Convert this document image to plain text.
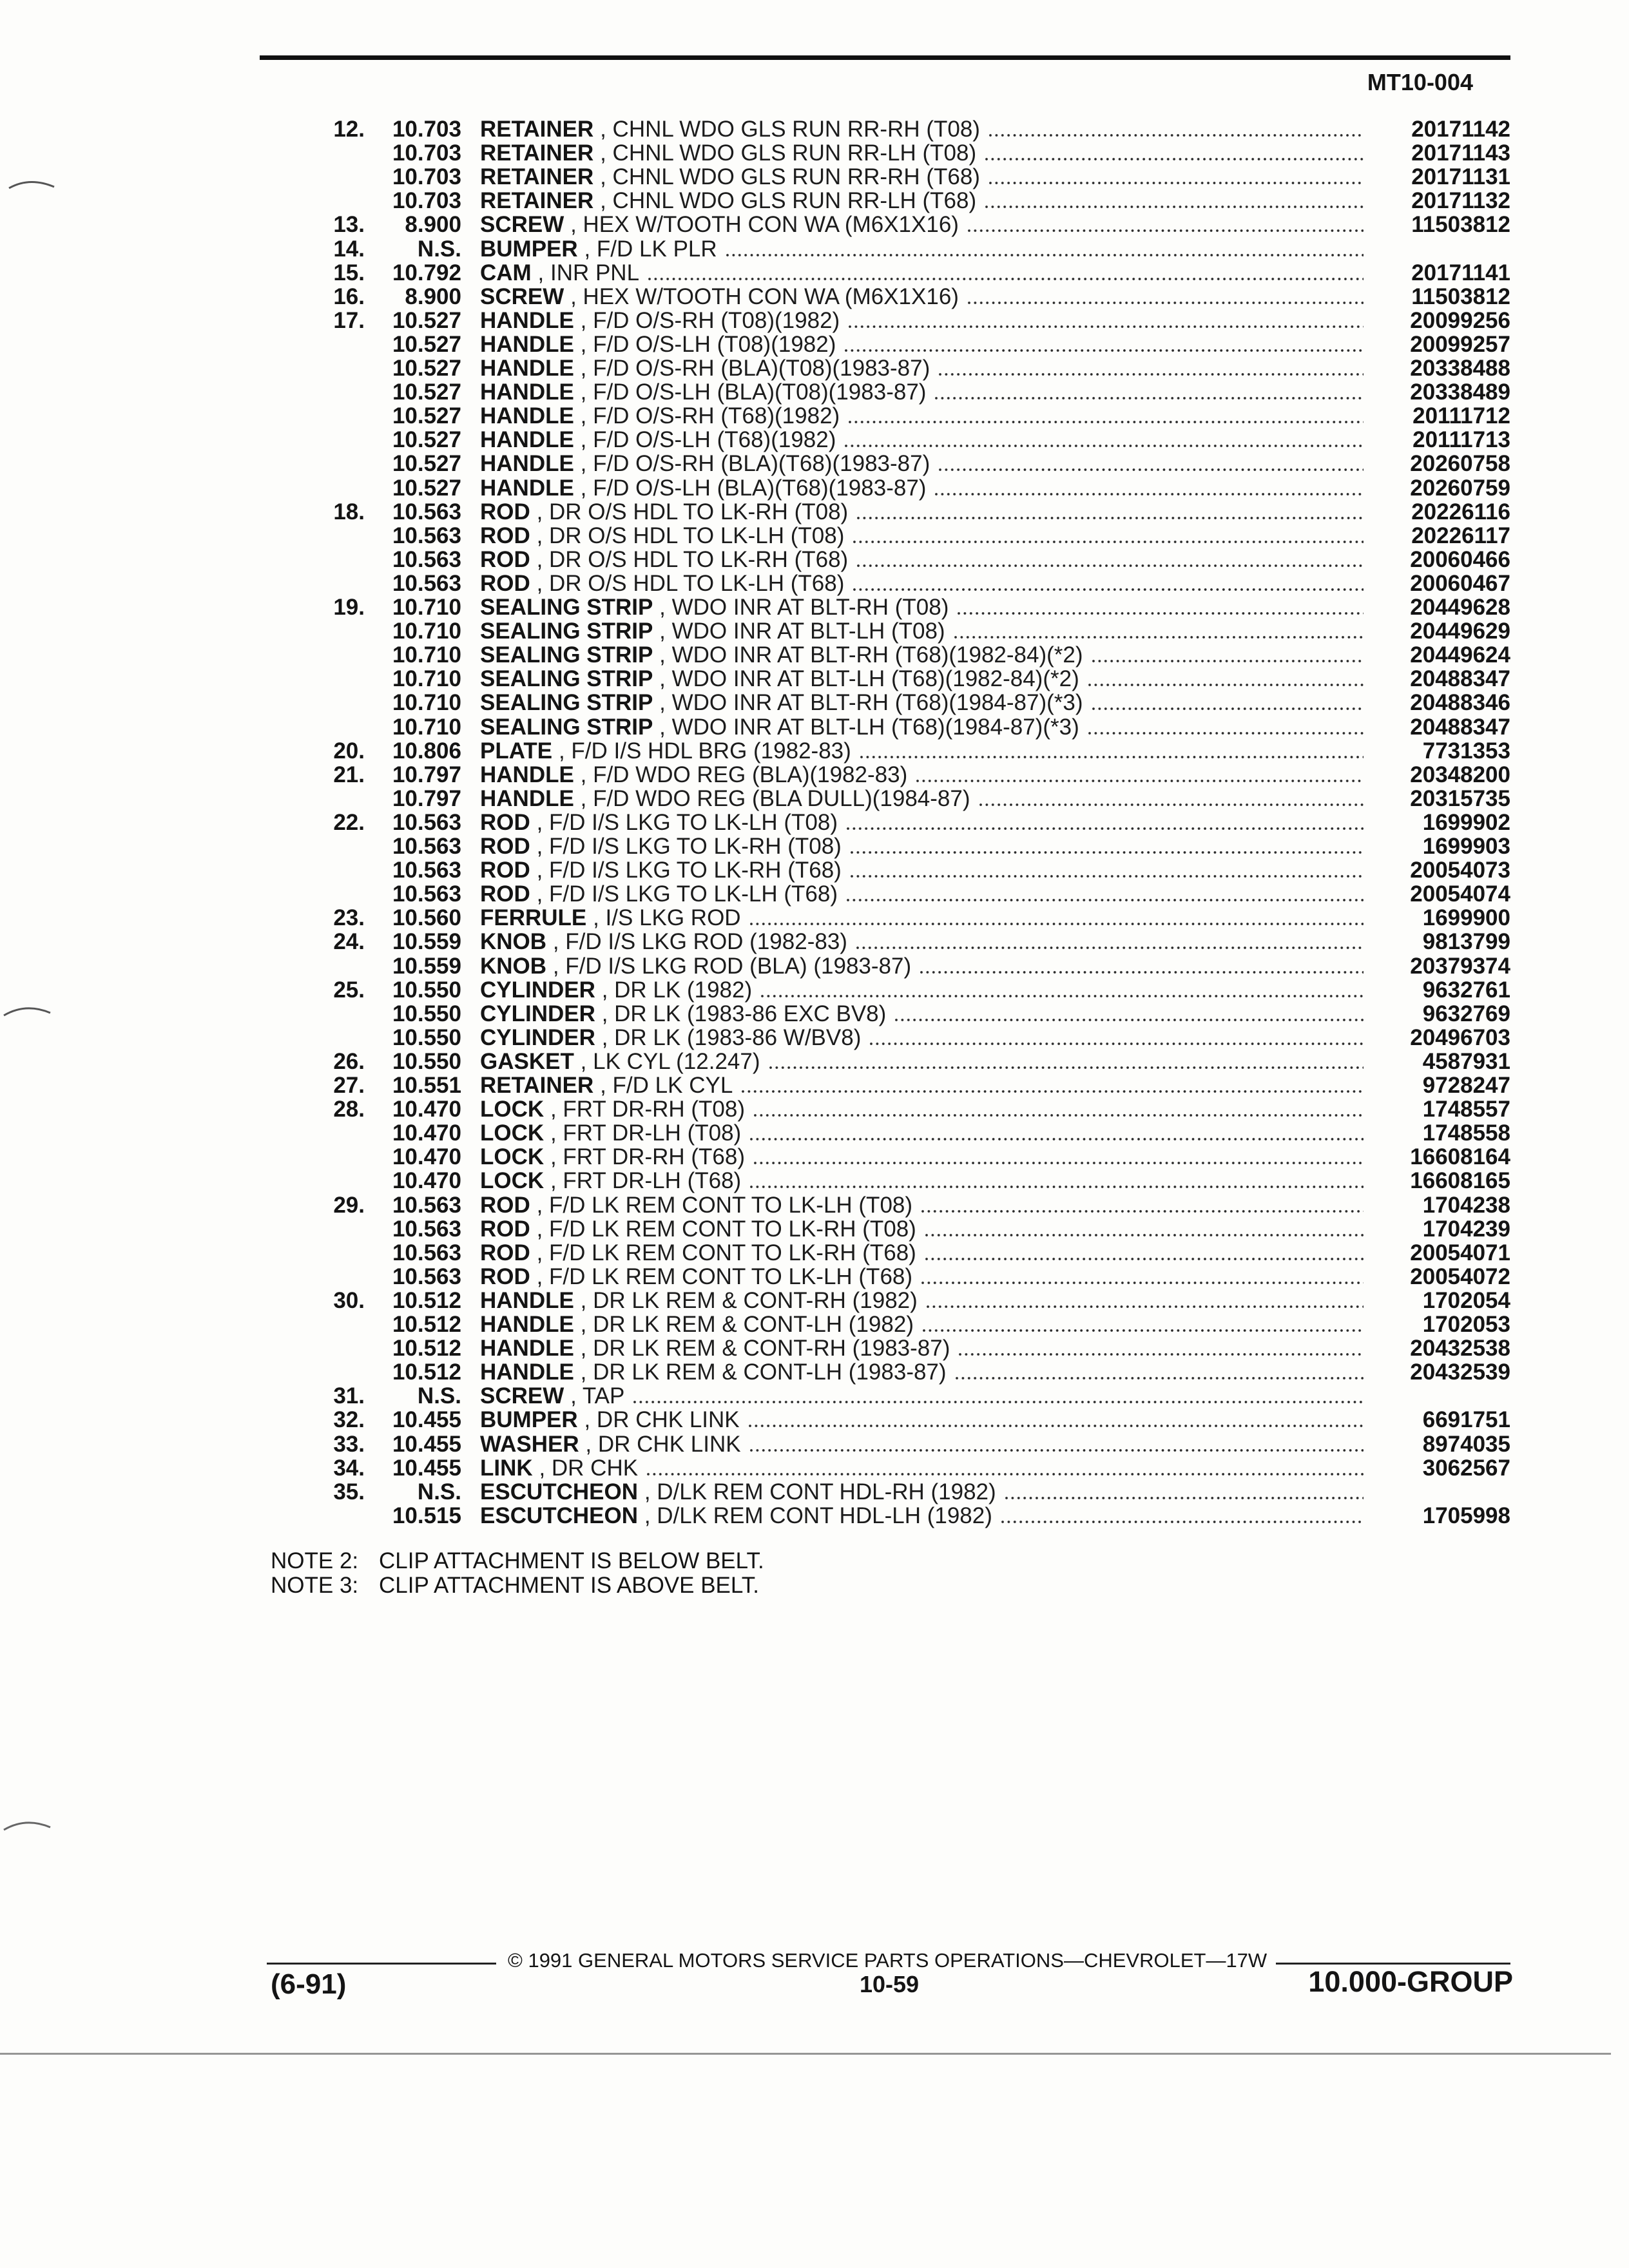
MT10-004
12.	10.703 RETAINER , CHNL WDO GLS RUN RR-RH (T08)	20171142
10.703 RETAINER , CHNL WDO GLS RUN RR-LH (T08)	20171143
10.703 RETAINER , CHNL WDO GLS RUN RR-RH (T68)	20171131
10.703 RETAINER , CHNL WDO GLS RUN RR-LH (T68)	20171132
13.	8.900 SCREW , HEX W/TOOTH CON WA (M6X1X16)	11503812
14.	N.S. BUMPER , F/D LK PLR
15.	10.792 CAM , INR PNL	20171141
16.	8.900 SCREW , HEX W/TOOTH CON WA (M6X1X16)	11503812
17.	10.527 HANDLE , F/D O/S-RH (T08)(1982)	20099256
10.527 HANDLE , F/D O/S-LH (T08)(1982)	20099257
10.527 HANDLE , F/D O/S-RH (BLA)(T08)(1983-87)	20338488
10.527 HANDLE , F/D O/S-LH (BLA)(T08)(1983-87)	20338489
10.527 HANDLE , F/D O/S-RH (T68)(1982)	20111712
10.527 HANDLE , F/D O/S-LH (T68)(1982)	20111713
10.527 HANDLE , F/D O/S-RH (BLA)(T68)(1983-87)	20260758
10.527 HANDLE , F/D O/S-LH (BLA)(T68)(1983-87)	20260759
18.	10.563 ROD , DR O/S HDL TO LK-RH (T08)	20226116
10.563 ROD , DR O/S HDL TO LK-LH (T08)	20226117
10.563 ROD , DR O/S HDL TO LK-RH (T68)	20060466
10.563 ROD , DR O/S HDL TO LK-LH (T68)	20060467
19.	10.710 SEALING STRIP , WDO INR AT BLT-RH (T08)	20449628
10.710 SEALING STRIP , WDO INR AT BLT-LH (T08)	20449629
10.710 SEALING STRIP , WDO INR AT BLT-RH (T68)(1982-84)(*2)	20449624
10.710 SEALING STRIP , WDO INR AT BLT-LH (T68)(1982-84)(*2)	20488347
10.710 SEALING STRIP , WDO INR AT BLT-RH (T68)(1984-87)(*3)	20488346
10.710 SEALING STRIP , WDO INR AT BLT-LH (T68)(1984-87)(*3)	20488347
20.	10.806 PLATE , F/D I/S HDL BRG (1982-83)	7731353
21.	10.797 HANDLE , F/D WDO REG (BLA)(1982-83)	20348200
10.797 HANDLE , F/D WDO REG (BLA DULL)(1984-87)	20315735
22.	10.563 ROD , F/D I/S LKG TO LK-LH (T08)	1699902
10.563 ROD , F/D I/S LKG TO LK-RH (T08)	1699903
10.563 ROD , F/D I/S LKG TO LK-RH (T68)	20054073
10.563 ROD , F/D I/S LKG TO LK-LH (T68)	20054074
23.	10.560 FERRULE , I/S LKG ROD	1699900
24.	10.559 KNOB , F/D I/S LKG ROD (1982-83)	9813799
10.559 KNOB , F/D I/S LKG ROD (BLA) (1983-87)	20379374
25.	10.550 CYLINDER , DR LK (1982)	9632761
10.550 CYLINDER , DR LK (1983-86 EXC BV8)	9632769
10.550 CYLINDER , DR LK (1983-86 W/BV8)	20496703
26.	10.550 GASKET , LK CYL (12.247)	4587931
27.	10.551 RETAINER , F/D LK CYL	9728247
28.	10.470 LOCK , FRT DR-RH (T08)	1748557
10.470 LOCK , FRT DR-LH (T08)	1748558
10.470 LOCK , FRT DR-RH (T68)	16608164
10.470 LOCK , FRT DR-LH (T68)	16608165
29.	10.563 ROD , F/D LK REM CONT TO LK-LH (T08)	1704238
10.563 ROD , F/D LK REM CONT TO LK-RH (T08)	1704239
10.563 ROD , F/D LK REM CONT TO LK-RH (T68)	20054071
10.563 ROD , F/D LK REM CONT TO LK-LH (T68)	20054072
30.	10.512 HANDLE , DR LK REM & CONT-RH (1982)	1702054
10.512 HANDLE , DR LK REM & CONT-LH (1982)	1702053
10.512 HANDLE , DR LK REM & CONT-RH (1983-87)	20432538
10.512 HANDLE , DR LK REM & CONT-LH (1983-87)	20432539
31.	N.S. SCREW , TAP
32.	10.455 BUMPER , DR CHK LINK	6691751
33.	10.455 WASHER , DR CHK LINK	8974035
34.	10.455 LINK , DR CHK	3062567
35.	N.S. ESCUTCHEON , D/LK REM CONT HDL-RH (1982)
10.515 ESCUTCHEON , D/LK REM CONT HDL-LH (1982)	1705998
NOTE 2: CLIP ATTACHMENT IS BELOW BELT.
NOTE 3: CLIP ATTACHMENT IS ABOVE BELT.
© 1991 GENERAL MOTORS SERVICE PARTS OPERATIONS—CHEVROLET—17W
(6-91)	10-59	10.000-GROUP
